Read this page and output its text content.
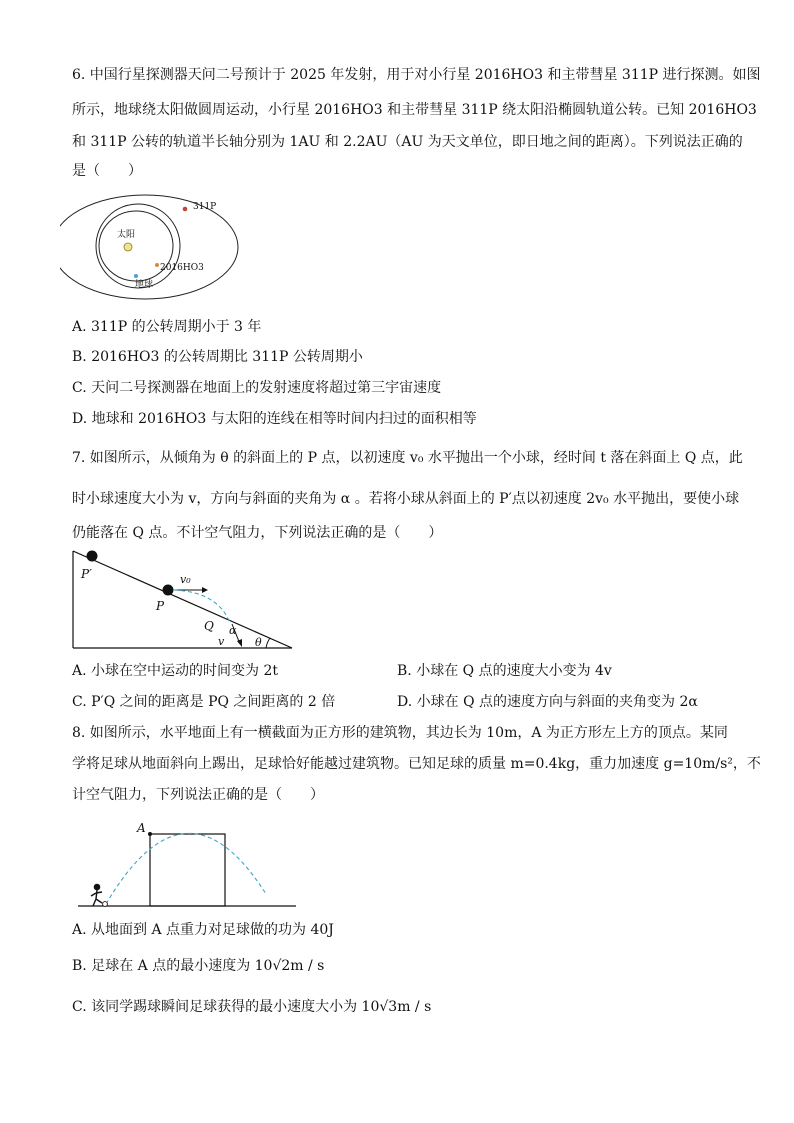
6. 中国行星探测器天问二号预计于 2025 年发射，用于对小行星 2016HO3 和主带彗星 311P 进行探测。如图
所示，地球绕太阳做圆周运动，小行星 2016HO3 和主带彗星 311P 绕太阳沿椭圆轨道公转。已知 2016HO3
和 311P 公转的轨道半长轴分别为 1AU 和 2.2AU（AU 为天文单位，即日地之间的距离）。下列说法正确的
是（　　）
太阳
地球
2016HO3
311P
A. 311P 的公转周期小于 3 年
B. 2016HO3 的公转周期比 311P 公转周期小
C. 天问二号探测器在地面上的发射速度将超过第三宇宙速度
D. 地球和 2016HO3 与太阳的连线在相等时间内扫过的面积相等
7. 如图所示，从倾角为 θ 的斜面上的 P 点，以初速度 v₀ 水平抛出一个小球，经时间 t 落在斜面上 Q 点，此
时小球速度大小为 v，方向与斜面的夹角为 α 。若将小球从斜面上的 P′点以初速度 2v₀ 水平抛出，要使小球
仍能落在 Q 点。不计空气阻力，下列说法正确的是（　　）
P′
P
v₀
Q α
v	θ
A. 小球在空中运动的时间变为 2t	B. 小球在 Q 点的速度大小变为 4v
C. P′Q 之间的距离是 PQ 之间距离的 2 倍	D. 小球在 Q 点的速度方向与斜面的夹角变为 2α
8. 如图所示，水平地面上有一横截面为正方形的建筑物，其边长为 10m，A 为正方形左上方的顶点。某同
学将足球从地面斜向上踢出，足球恰好能越过建筑物。已知足球的质量 m=0.4kg，重力加速度 g=10m/s²，不
计空气阻力，下列说法正确的是（　　）
A
A. 从地面到 A 点重力对足球做的功为 40J
B. 足球在 A 点的最小速度为 10√2m / s
C. 该同学踢球瞬间足球获得的最小速度大小为 10√3m / s
